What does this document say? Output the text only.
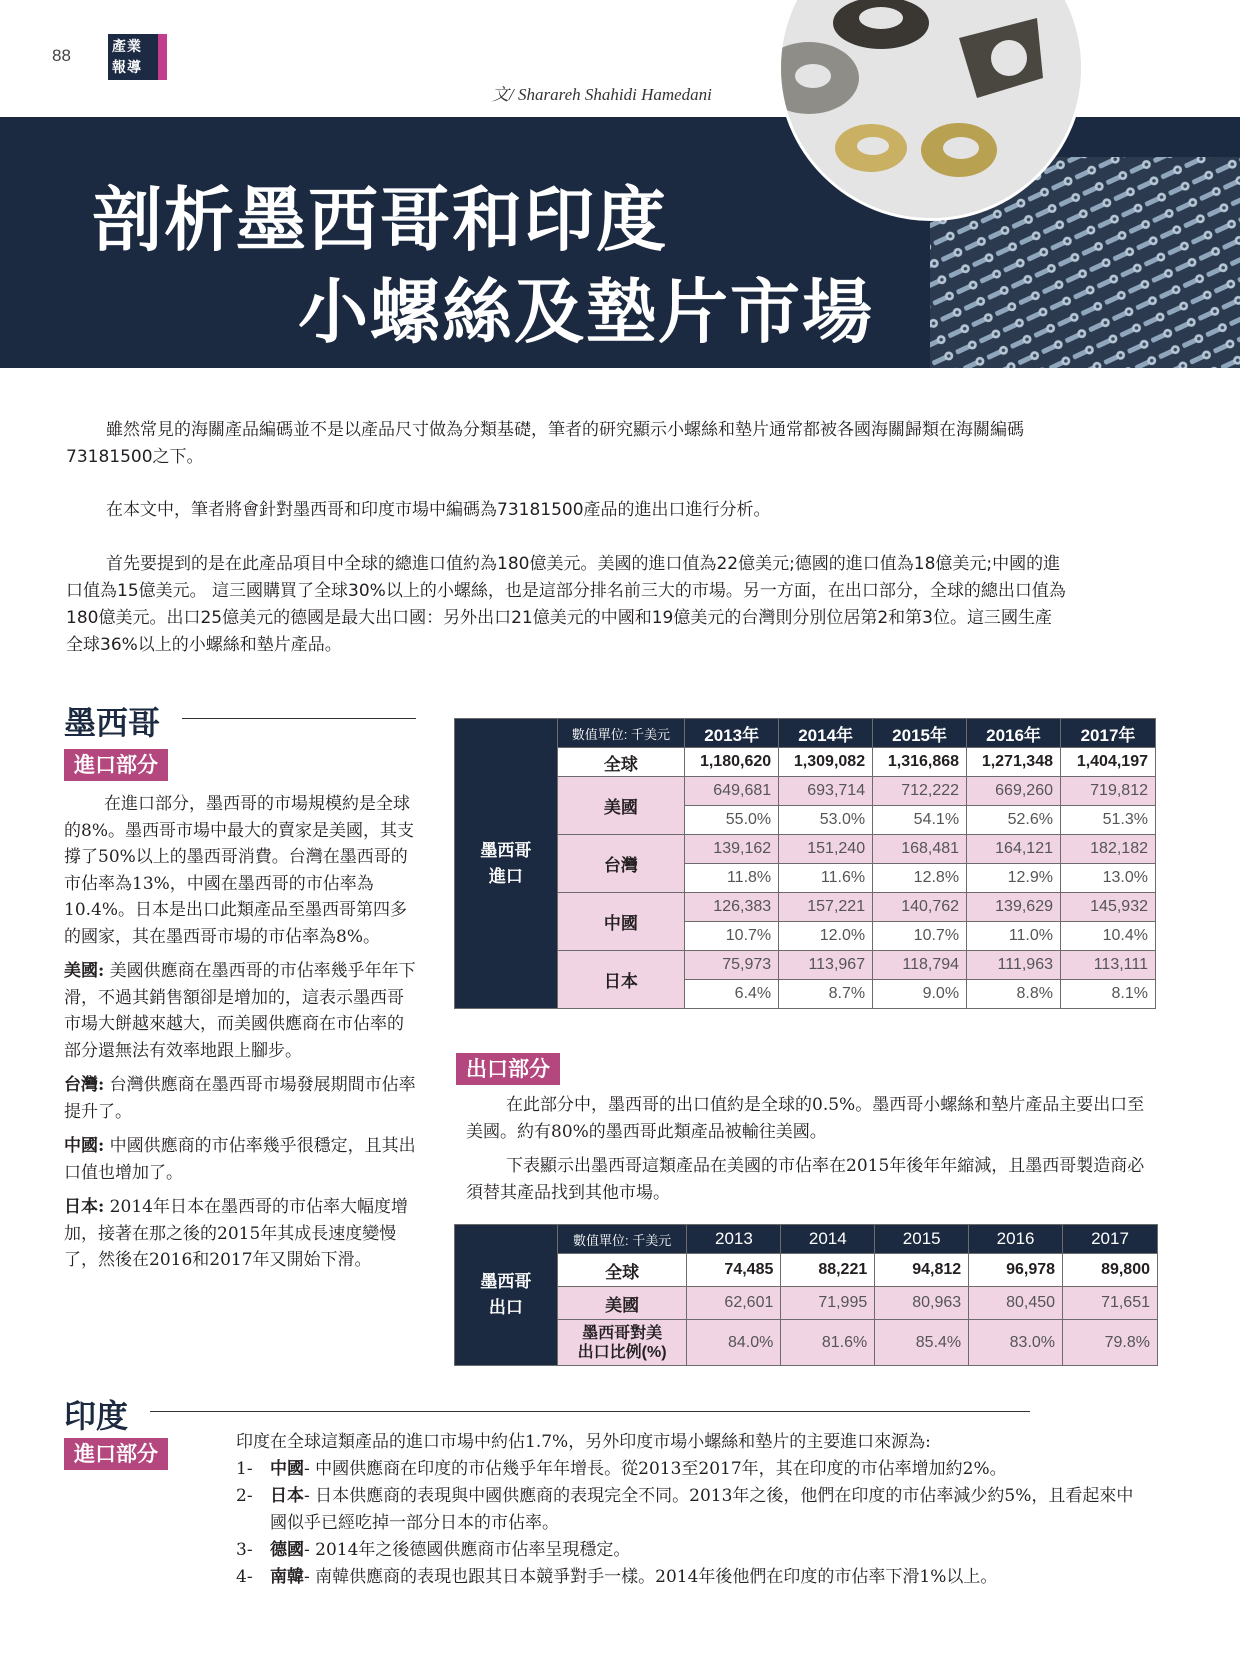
88	產業報導
文/ Sharareh Shahidi Hamedani
剖析墨西哥和印度
小螺絲及墊片市場

雖然常見的海關產品編碼並不是以產品尺寸做為分類基礎，筆者的研究顯示小螺絲和墊片通常都被各國海關歸類在海關編碼73181500之下。

在本文中，筆者將會針對墨西哥和印度市場中編碼為73181500產品的進出口進行分析。

首先要提到的是在此產品項目中全球的總進口值約為180億美元。美國的進口值為22億美元;德國的進口值為18億美元;中國的進口值為15億美元。 這三國購買了全球30%以上的小螺絲，也是這部分排名前三大的市場。另一方面，在出口部分，全球的總出口值為180億美元。出口25億美元的德國是最大出口國：另外出口21億美元的中國和19億美元的台灣則分別位居第2和第3位。這三國生產全球36%以上的小螺絲和墊片產品。

墨西哥
進口部分

在進口部分，墨西哥的市場規模約是全球的8%。墨西哥市場中最大的賣家是美國，其支撐了50%以上的墨西哥消費。台灣在墨西哥的市佔率為13%，中國在墨西哥的市佔率為10.4%。日本是出口此類產品至墨西哥第四多的國家，其在墨西哥市場的市佔率為8%。

美國: 美國供應商在墨西哥的市佔率幾乎年年下滑，不過其銷售額卻是增加的，這表示墨西哥市場大餅越來越大，而美國供應商在市佔率的部分還無法有效率地跟上腳步。

台灣: 台灣供應商在墨西哥市場發展期間市佔率提升了。

中國: 中國供應商的市佔率幾乎很穩定，且其出口值也增加了。

日本: 2014年日本在墨西哥的市佔率大幅度增加，接著在那之後的2015年其成長速度變慢了，然後在2016和2017年又開始下滑。

墨西哥
進口	數值單位: 千美元	2013年	2014年	2015年	2016年	2017年
	全球	1,180,620	1,309,082	1,316,868	1,271,348	1,404,197
	美國	649,681	693,714	712,222	669,260	719,812
		55.0%	53.0%	54.1%	52.6%	51.3%
	台灣	139,162	151,240	168,481	164,121	182,182
		11.8%	11.6%	12.8%	12.9%	13.0%
	中國	126,383	157,221	140,762	139,629	145,932
		10.7%	12.0%	10.7%	11.0%	10.4%
	日本	75,973	113,967	118,794	111,963	113,111
		6.4%	8.7%	9.0%	8.8%	8.1%
出口部分

在此部分中，墨西哥的出口值約是全球的0.5%。墨西哥小螺絲和墊片產品主要出口至美國。約有80%的墨西哥此類產品被輸往美國。

下表顯示出墨西哥這類產品在美國的市佔率在2015年後年年縮減，且墨西哥製造商必須替其產品找到其他市場。

墨西哥
出口	數值單位: 千美元	2013	2014	2015	2016	2017
	全球	74,485	88,221	94,812	96,978	89,800
	美國	62,601	71,995	80,963	80,450	71,651
	墨西哥對美
出口比例(%)	84.0%	81.6%	85.4%	83.0%	79.8%
印度
進口部分	印度在全球這類產品的進口市場中約佔1.7%，另外印度市場小螺絲和墊片的主要進口來源為:
1- 中國- 中國供應商在印度的市佔幾乎年年增長。從2013至2017年，其在印度的市佔率增加約2%。
2- 日本- 日本供應商的表現與中國供應商的表現完全不同。2013年之後，他們在印度的市佔率減少約5%，且看起來中國似乎已經吃掉一部分日本的市佔率。
3- 德國- 2014年之後德國供應商市佔率呈現穩定。
4- 南韓- 南韓供應商的表現也跟其日本競爭對手一樣。2014年後他們在印度的市佔率下滑1%以上。
